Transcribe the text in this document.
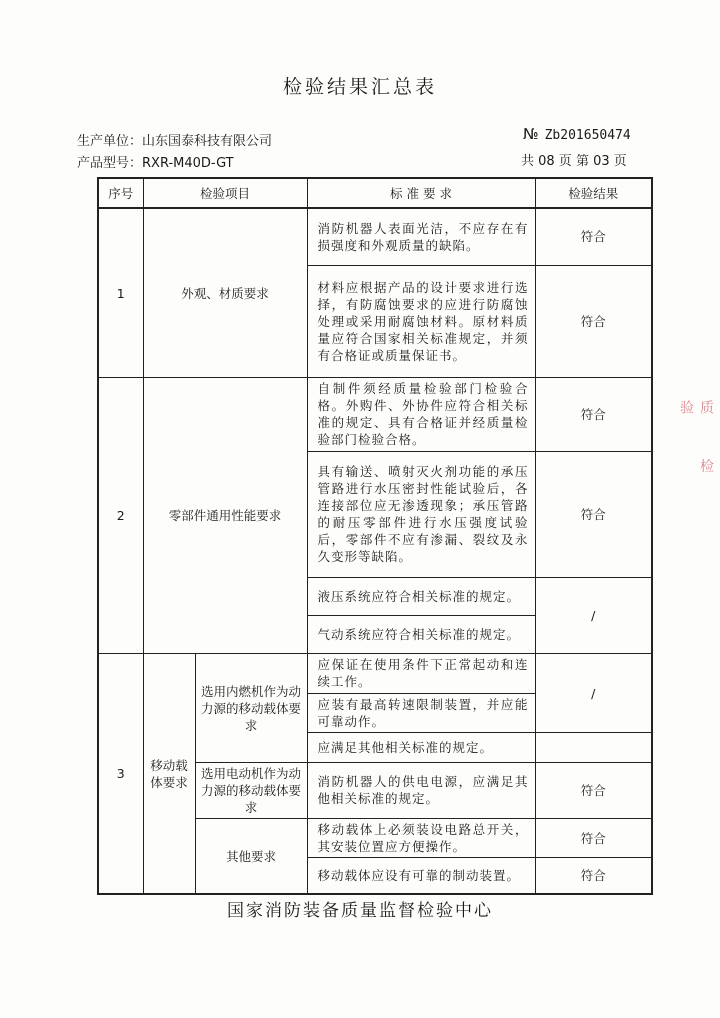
检验结果汇总表
生产单位：山东国泰科技有限公司
产品型号：RXR-M40D-GT
№ Zb201650474
共 08 页 第 03 页
序号	检验项目		标 准 要 求	检验结果
1	外观、材质要求		消防机器人表面光洁，不应存在有损强度和外观质量的缺陷。	符合
			材料应根据产品的设计要求进行选择，有防腐蚀要求的应进行防腐蚀处理或采用耐腐蚀材料。原材料质量应符合国家相关标准规定，并须有合格证或质量保证书。	符合
2	零部件通用性能要求		自制件须经质量检验部门检验合格。外购件、外协件应符合相关标准的规定、具有合格证并经质量检验部门检验合格。	符合
			具有输送、喷射灭火剂功能的承压管路进行水压密封性能试验后，各连接部位应无渗透现象；承压管路的耐压零部件进行水压强度试验后，零部件不应有渗漏、裂纹及永久变形等缺陷。	符合
			液压系统应符合相关标准的规定。	/
			气动系统应符合相关标准的规定。	
3	移动载体要求	选用内燃机作为动力源的移动载体要求	应保证在使用条件下正常起动和连续工作。	/
			应装有最高转速限制装置，并应能可靠动作。	
			应满足其他相关标准的规定。	
		选用电动机作为动力源的移动载体要求	消防机器人的供电电源，应满足其他相关标准的规定。	符合
		其他要求	移动载体上必须装设电路总开关，其安装位置应方便操作。	符合
			移动载体应设有可靠的制动装置。	符合
国家消防装备质量监督检验中心
质 检 验
